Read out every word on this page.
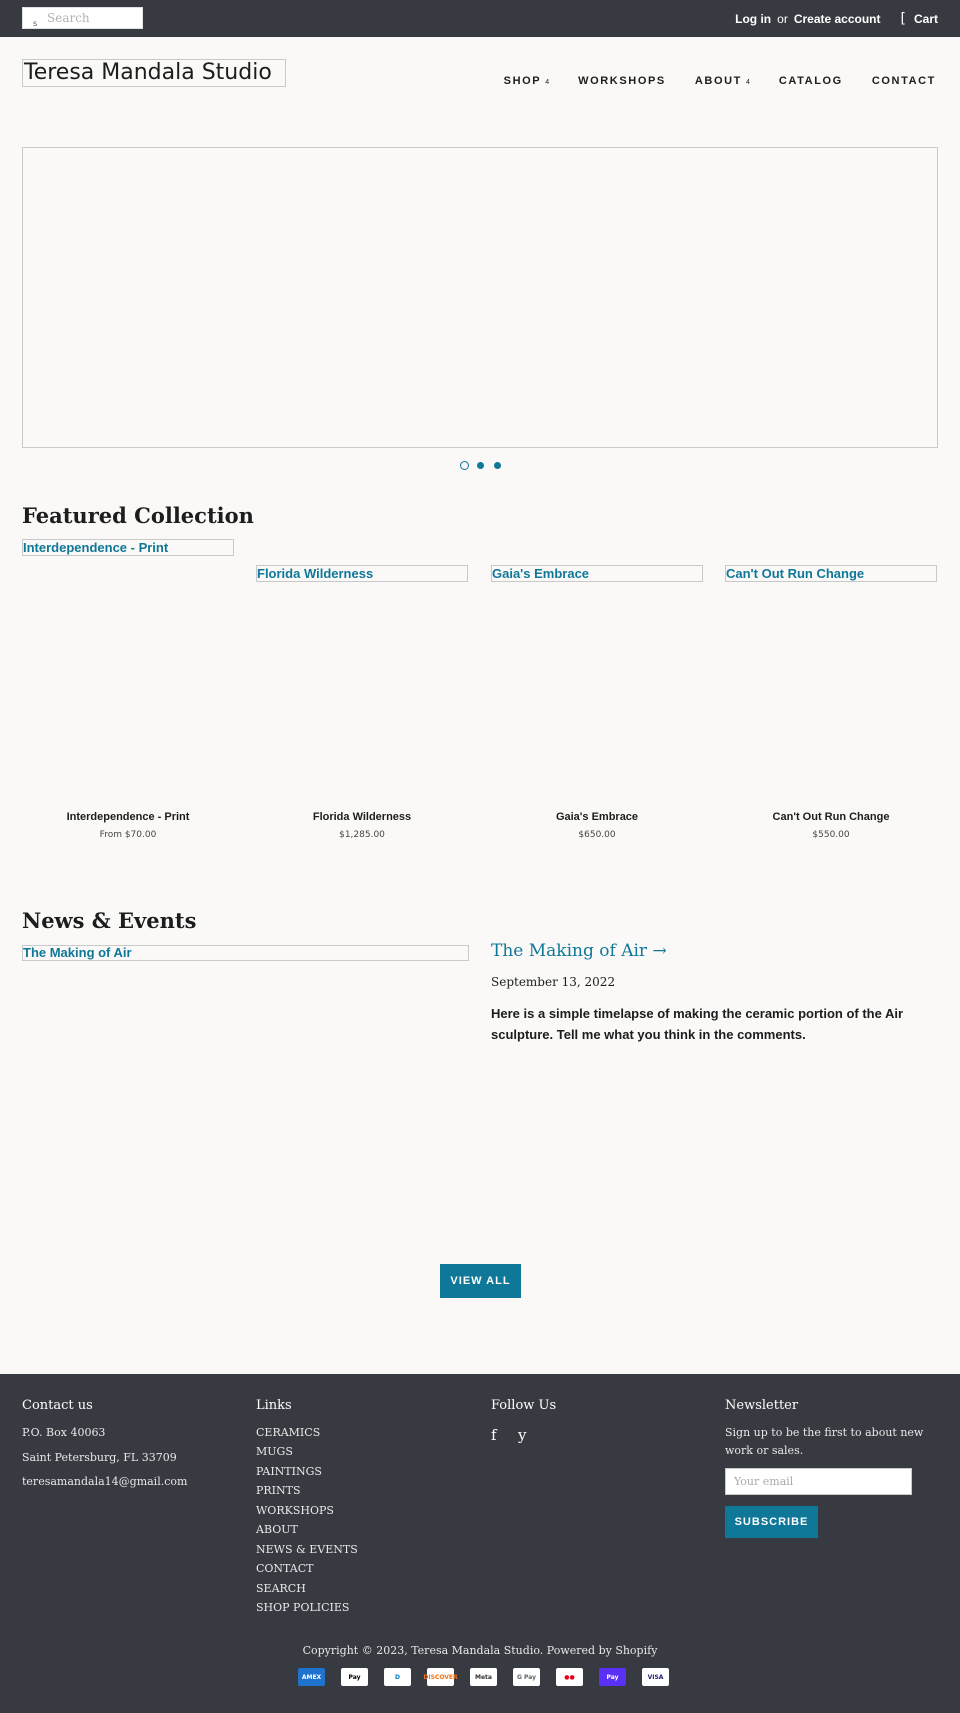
s
Search	Log in or Create account [ Cart
Teresa Mandala Studio	SHOP 4	WORKSHOPS	ABOUT 4	CATALOG	CONTACT
Featured Collection
Interdependence - Print
Florida Wilderness	Gaia's Embrace	Can't Out Run Change
Interdependence - Print	Florida Wilderness	Gaia's Embrace	Can't Out Run Change
From $70.00	$1,285.00	$650.00	$550.00
News & Events
The Making of Air	The Making of Air →
September 13, 2022

Here is a simple timelapse of making the ceramic portion of the Air sculpture. Tell me what you think in the comments.

VIEW ALL
Contact us
P.O. Box 40063
Saint Petersburg, FL 33709
teresamandala14@gmail.com
Links
CERAMICS
MUGS
PAINTINGS
PRINTS
WORKSHOPS
ABOUT
NEWS & EVENTS
CONTACT
SEARCH
SHOP POLICIES
Follow Us
f y
Newsletter

Sign up to be the first to about new work or sales.

Your email
SUBSCRIBE
Copyright © 2023, Teresa Mandala Studio. Powered by Shopify
AMEX	Pay	D	DISCOVER	Meta	G Pay	●●	Pay	VISA
